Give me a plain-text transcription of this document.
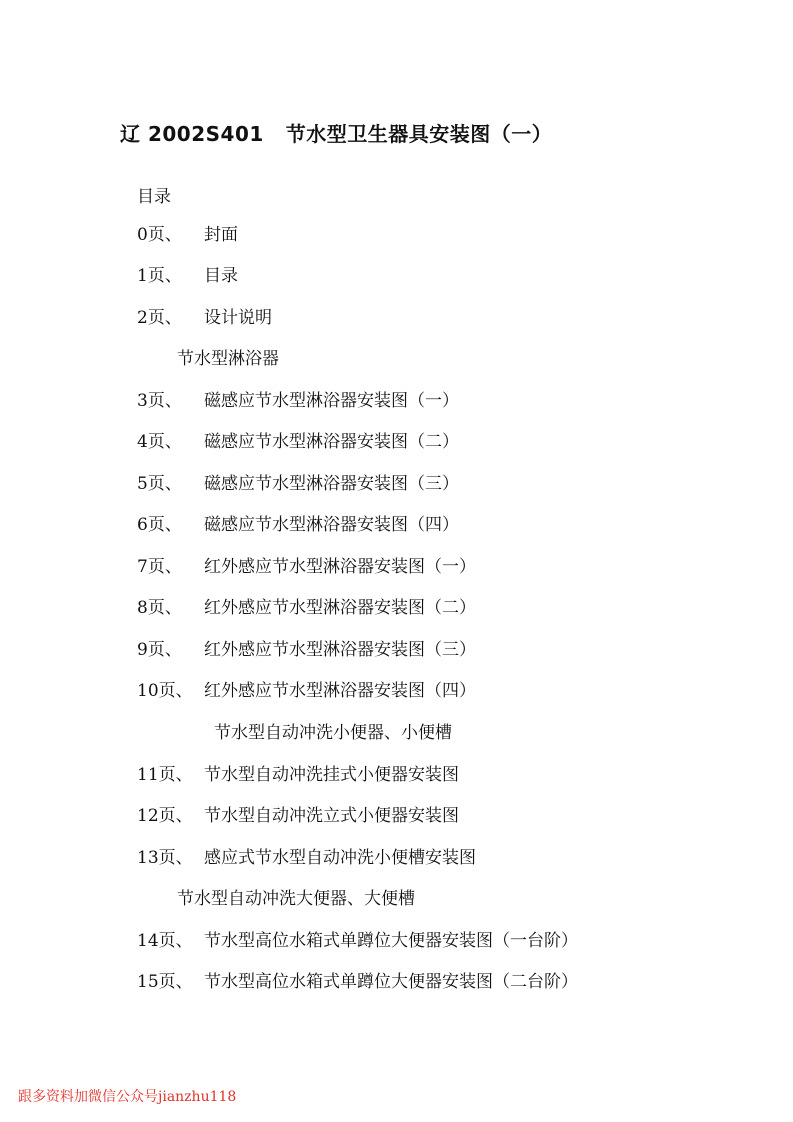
辽 2002S401 节水型卫生器具安装图（一）
目录
0页、 封面
1页、 目录
2页、 设计说明
节水型淋浴器
3页、 磁感应节水型淋浴器安装图（一）
4页、 磁感应节水型淋浴器安装图（二）
5页、 磁感应节水型淋浴器安装图（三）
6页、 磁感应节水型淋浴器安装图（四）
7页、 红外感应节水型淋浴器安装图（一）
8页、 红外感应节水型淋浴器安装图（二）
9页、 红外感应节水型淋浴器安装图（三）
10页、 红外感应节水型淋浴器安装图（四）
节水型自动冲洗小便器、小便槽
11页、 节水型自动冲洗挂式小便器安装图
12页、 节水型自动冲洗立式小便器安装图
13页、 感应式节水型自动冲洗小便槽安装图
节水型自动冲洗大便器、大便槽
14页、 节水型高位水箱式单蹲位大便器安装图（一台阶）
15页、 节水型高位水箱式单蹲位大便器安装图（二台阶）
跟多资料加微信公众号jianzhu118
